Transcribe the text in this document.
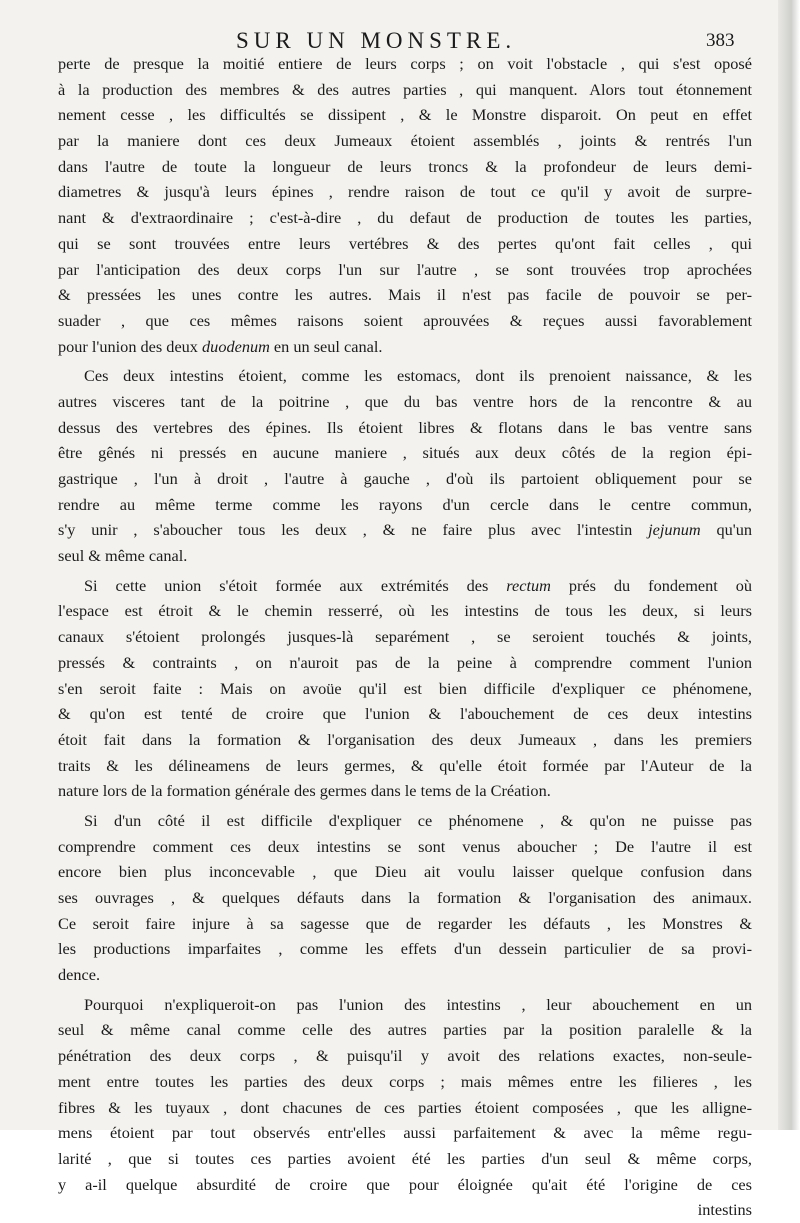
SUR UN MONSTRE.	383
perte de presque la moitié entiere de leurs corps ; on voit l'obstacle , qui s'est oposé
à la production des membres & des autres parties , qui manquent. Alors tout étonnement
nement cesse , les difficultés se dissipent , & le Monstre disparoit. On peut en effet
par la maniere dont ces deux Jumeaux étoient assemblés , joints & rentrés l'un
dans l'autre de toute la longueur de leurs troncs & la profondeur de leurs demi-
diametres & jusqu'à leurs épines , rendre raison de tout ce qu'il y avoit de surpre-
nant & d'extraordinaire ; c'est-à-dire , du defaut de production de toutes les parties,
qui se sont trouvées entre leurs vertébres & des pertes qu'ont fait celles , qui
par l'anticipation des deux corps l'un sur l'autre , se sont trouvées trop aprochées
& pressées les unes contre les autres. Mais il n'est pas facile de pouvoir se per-
suader , que ces mêmes raisons soient aprouvées & reçues aussi favorablement
pour l'union des deux duodenum en un seul canal.
Ces deux intestins étoient, comme les estomacs, dont ils prenoient naissance, & les
autres visceres tant de la poitrine , que du bas ventre hors de la rencontre & au
dessus des vertebres des épines. Ils étoient libres & flotans dans le bas ventre sans
être gênés ni pressés en aucune maniere , situés aux deux côtés de la region épi-
gastrique , l'un à droit , l'autre à gauche , d'où ils partoient obliquement pour se
rendre au même terme comme les rayons d'un cercle dans le centre commun,
s'y unir , s'aboucher tous les deux , & ne faire plus avec l'intestin jejunum qu'un
seul & même canal.
Si cette union s'étoit formée aux extrémités des rectum prés du fondement où
l'espace est étroit & le chemin resserré, où les intestins de tous les deux, si leurs
canaux s'étoient prolongés jusques-là separément , se seroient touchés & joints,
pressés & contraints , on n'auroit pas de la peine à comprendre comment l'union
s'en seroit faite : Mais on avoüe qu'il est bien difficile d'expliquer ce phénomene,
& qu'on est tenté de croire que l'union & l'abouchement de ces deux intestins
étoit fait dans la formation & l'organisation des deux Jumeaux , dans les premiers
traits & les délineamens de leurs germes, & qu'elle étoit formée par l'Auteur de la
nature lors de la formation générale des germes dans le tems de la Création.
Si d'un côté il est difficile d'expliquer ce phénomene , & qu'on ne puisse pas
comprendre comment ces deux intestins se sont venus aboucher ; De l'autre il est
encore bien plus inconcevable , que Dieu ait voulu laisser quelque confusion dans
ses ouvrages , & quelques défauts dans la formation & l'organisation des animaux.
Ce seroit faire injure à sa sagesse que de regarder les défauts , les Monstres &
les productions imparfaites , comme les effets d'un dessein particulier de sa provi-
dence.
Pourquoi n'expliqueroit-on pas l'union des intestins , leur abouchement en un
seul & même canal comme celle des autres parties par la position paralelle & la
pénétration des deux corps , & puisqu'il y avoit des relations exactes, non-seule-
ment entre toutes les parties des deux corps ; mais mêmes entre les filieres , les
fibres & les tuyaux , dont chacunes de ces parties étoient composées , que les alligne-
mens étoient par tout observés entr'elles aussi parfaitement & avec la même regu-
larité , que si toutes ces parties avoient été les parties d'un seul & même corps,
y a-il quelque absurdité de croire que pour éloignée qu'ait été l'origine de ces
intestins
